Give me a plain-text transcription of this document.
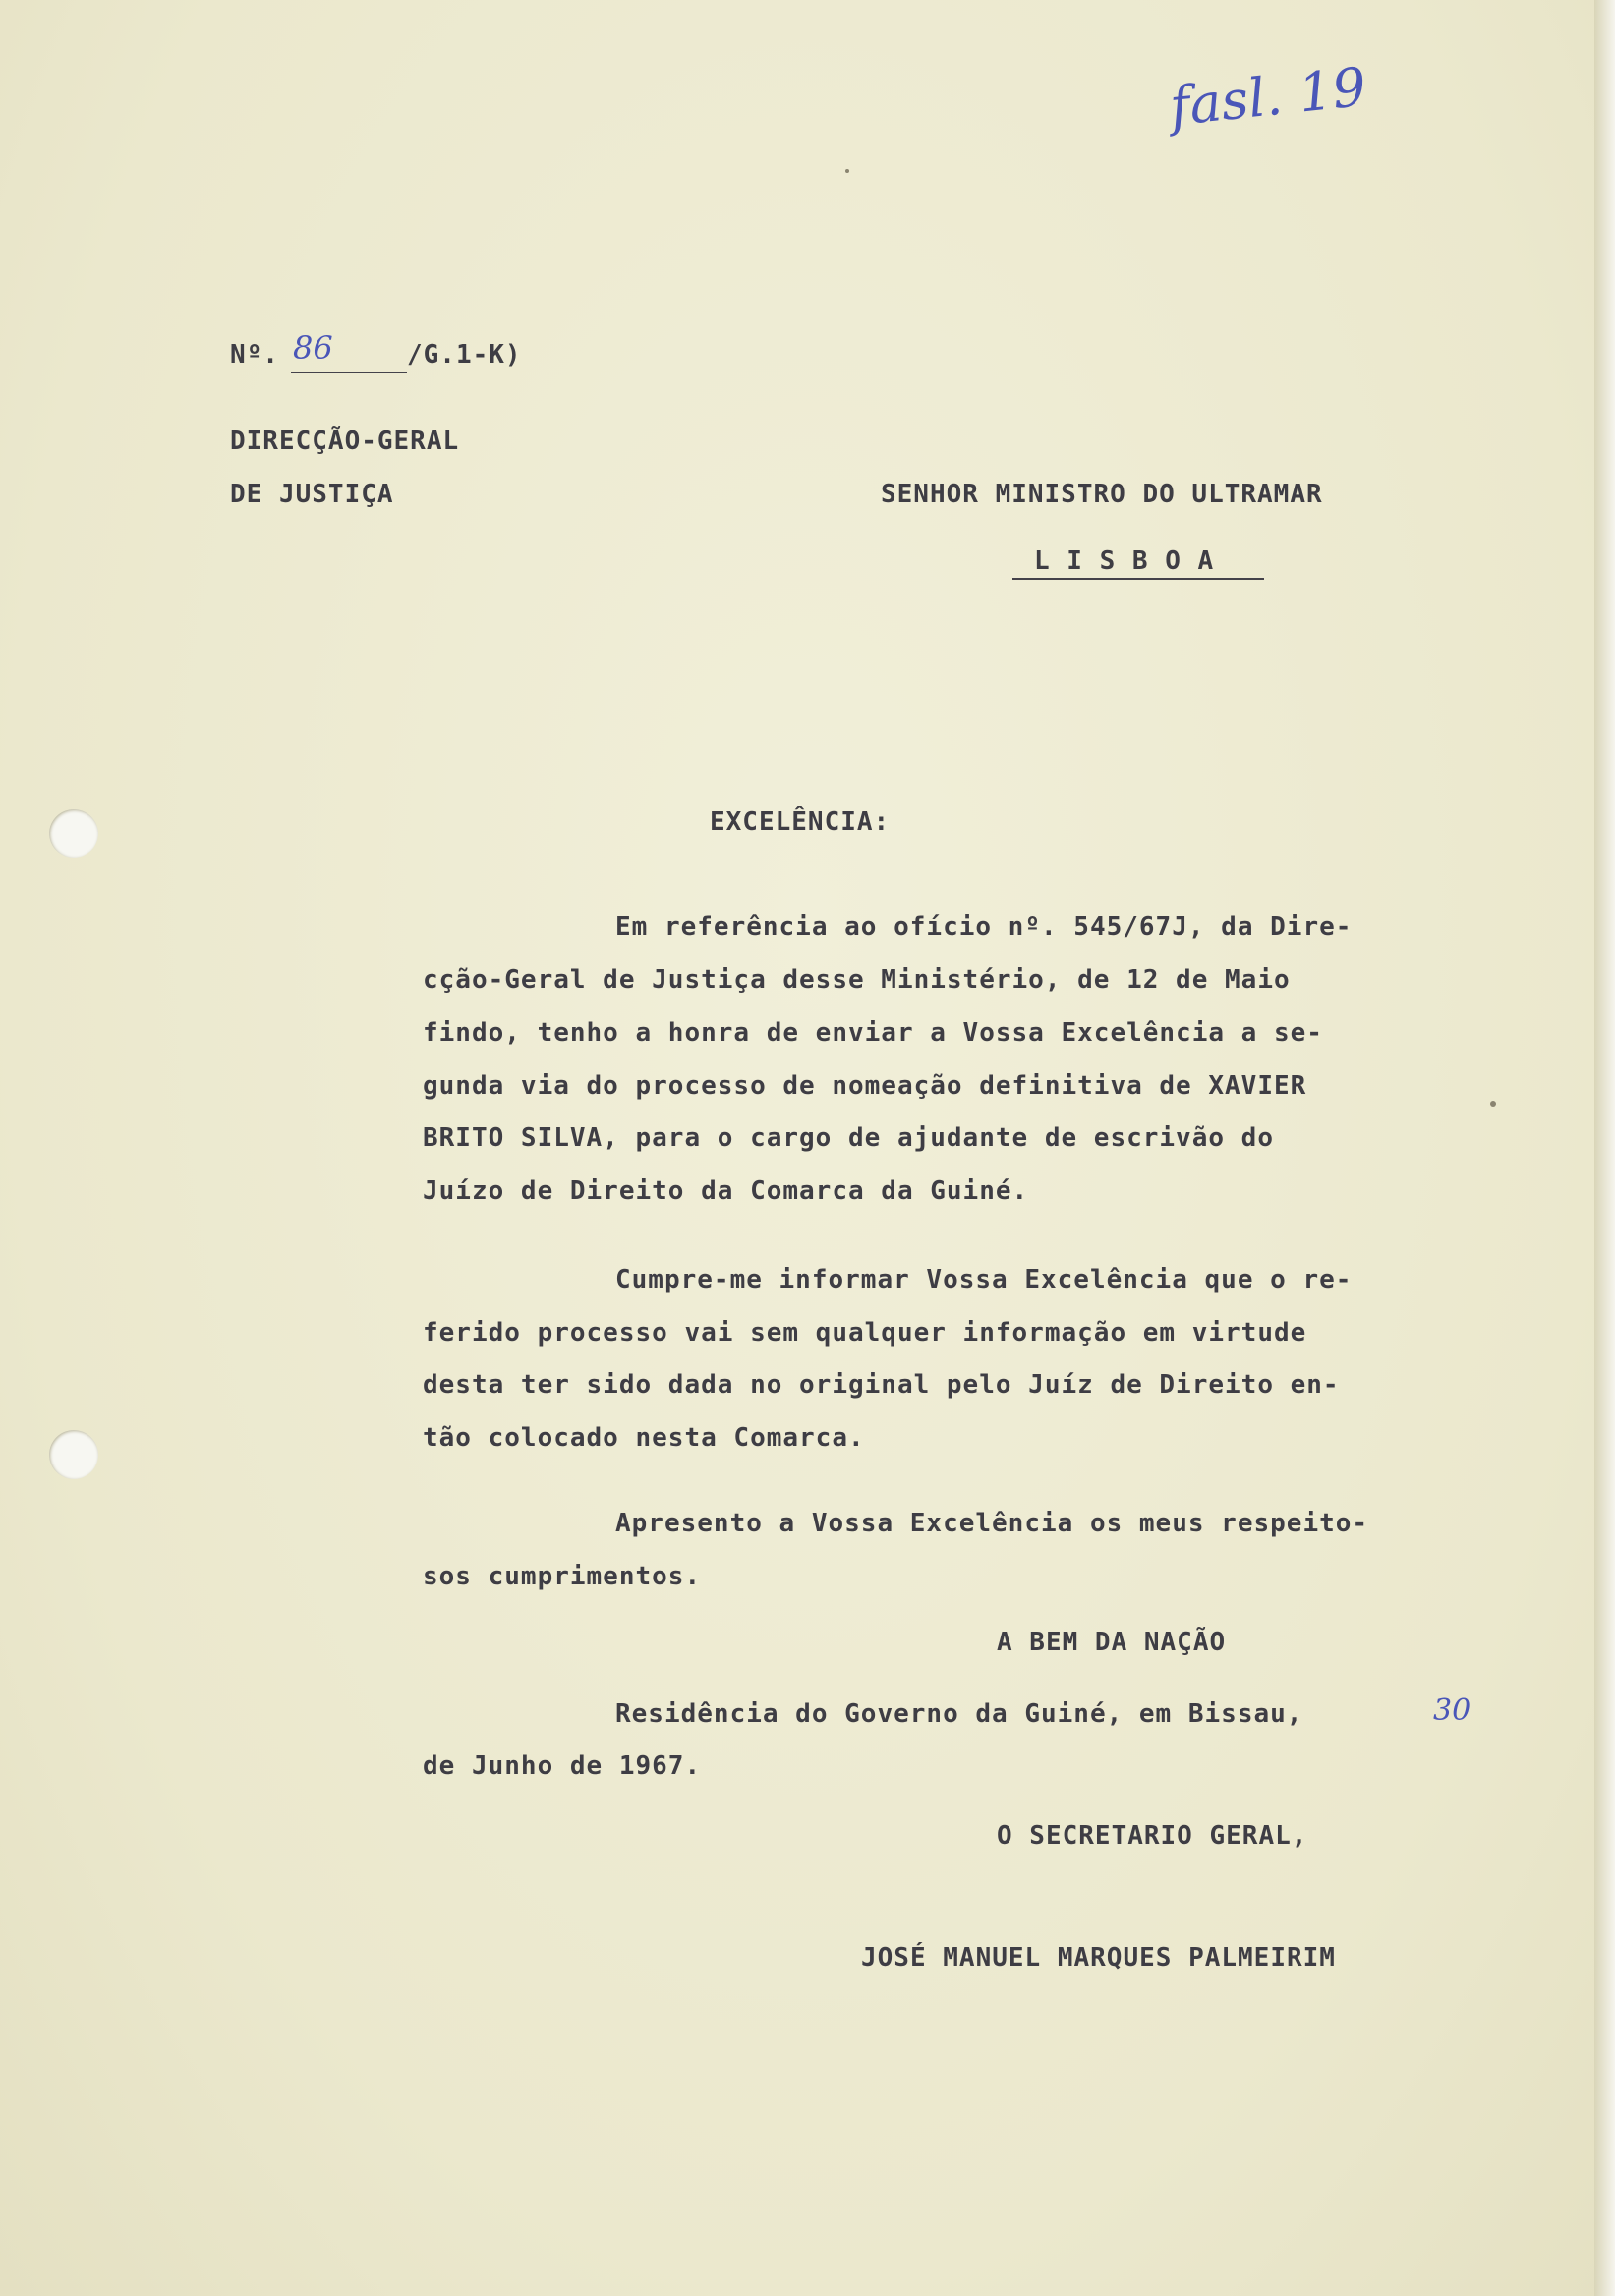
fasl. 19
86
30
Nº.	/G.1-K)
DIRECÇÃO-GERAL
DE JUSTIÇA	SENHOR MINISTRO DO ULTRAMAR
L I S B O A
EXCELÊNCIA:
Em referência ao ofício nº. 545/67J, da Dire-
cção-Geral de Justiça desse Ministério, de 12 de Maio
findo, tenho a honra de enviar a Vossa Excelência a se-
gunda via do processo de nomeação definitiva de XAVIER
BRITO SILVA, para o cargo de ajudante de escrivão do
Juízo de Direito da Comarca da Guiné.
Cumpre-me informar Vossa Excelência que o re-
ferido processo vai sem qualquer informação em virtude
desta ter sido dada no original pelo Juíz de Direito en-
tão colocado nesta Comarca.
Apresento a Vossa Excelência os meus respeito-
sos cumprimentos.
A BEM DA NAÇÃO
Residência do Governo da Guiné, em Bissau,
de Junho de 1967.
O SECRETARIO GERAL,
JOSÉ MANUEL MARQUES PALMEIRIM
